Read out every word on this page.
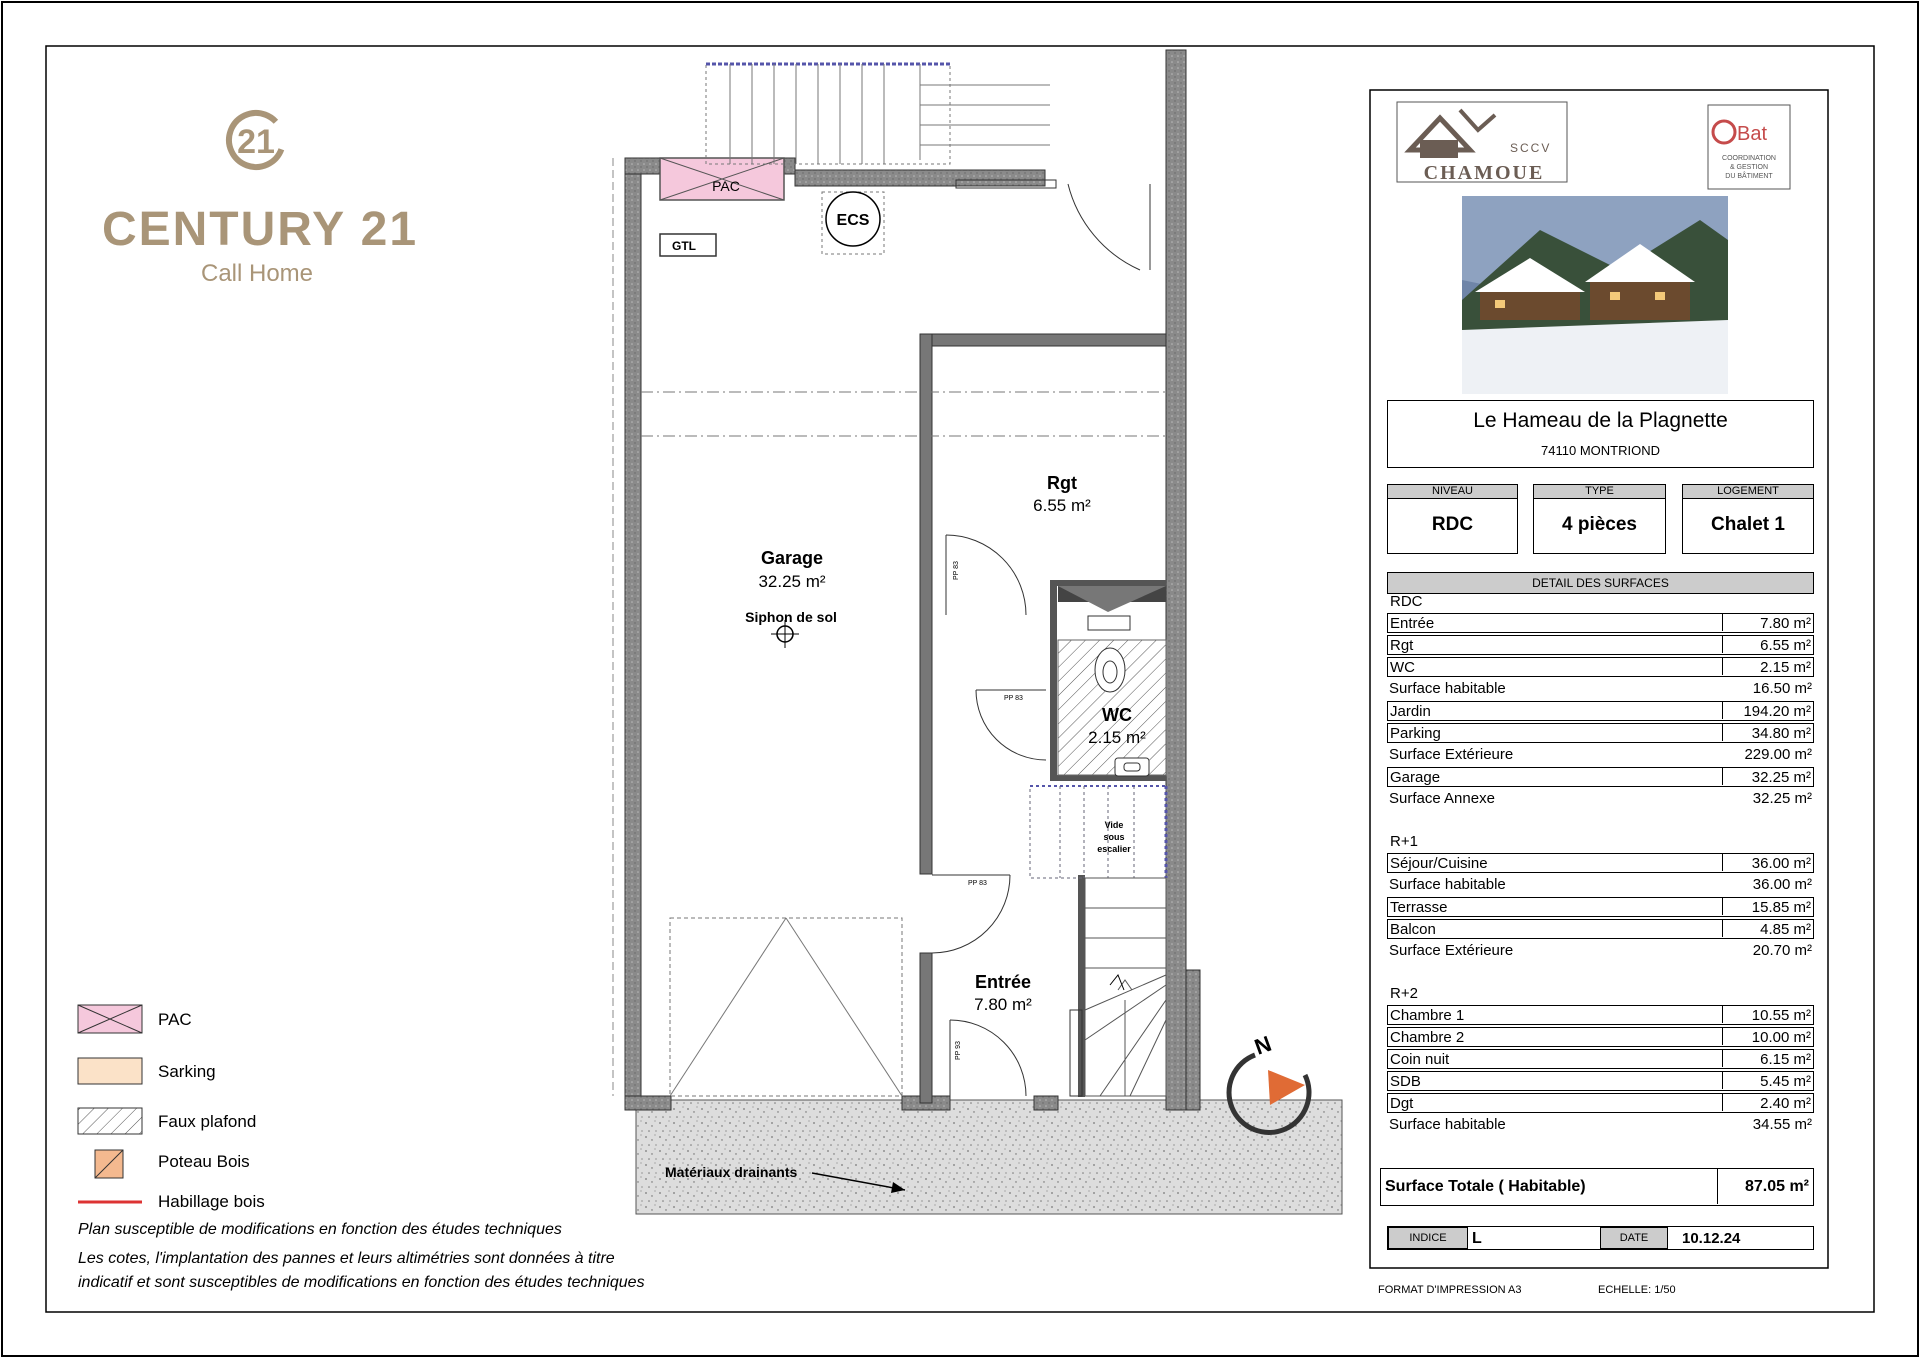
21
CENTURY 21
Call Home
Matériaux drainants
PAC
GTL
ECS
PP 83
PP 83
Vide
sous
escalier
PP 83
PP 93
Garage
32.25 m²
Siphon de sol
Rgt
6.55 m²
WC
2.15 m²
Entrée
7.80 m²
N
SCCV
CHAMOUE
Bat
COORDINATION
& GESTION
DU BÂTIMENT
PAC
Sarking
Faux plafond
Poteau Bois
Habillage bois
Plan susceptible de modifications en fonction des études techniques
Les cotes, l'implantation des pannes et leurs altimétries sont données à titre
indicatif et sont susceptibles de modifications en fonction des études techniques
Le Hameau de la Plagnette
74110 MONTRIOND
NIVEAU
RDC
TYPE
4 pièces
LOGEMENT
Chalet 1
DETAIL DES SURFACES
RDC
Entrée	7.80 m²
Rgt	6.55 m²
WC	2.15 m²
Surface habitable	16.50 m²
Jardin	194.20 m²
Parking	34.80 m²
Surface Extérieure	229.00 m²
Garage	32.25 m²
Surface Annexe	32.25 m²
R+1
Séjour/Cuisine	36.00 m²
Surface habitable	36.00 m²
Terrasse	15.85 m²
Balcon	4.85 m²
Surface Extérieure	20.70 m²
R+2
Chambre 1	10.55 m²
Chambre 2	10.00 m²
Coin nuit	6.15 m²
SDB	5.45 m²
Dgt	2.40 m²
Surface habitable	34.55 m²
Surface Totale ( Habitable)	87.05 m²
INDICE	L	DATE	10.12.24
FORMAT D'IMPRESSION A3	ECHELLE: 1/50
